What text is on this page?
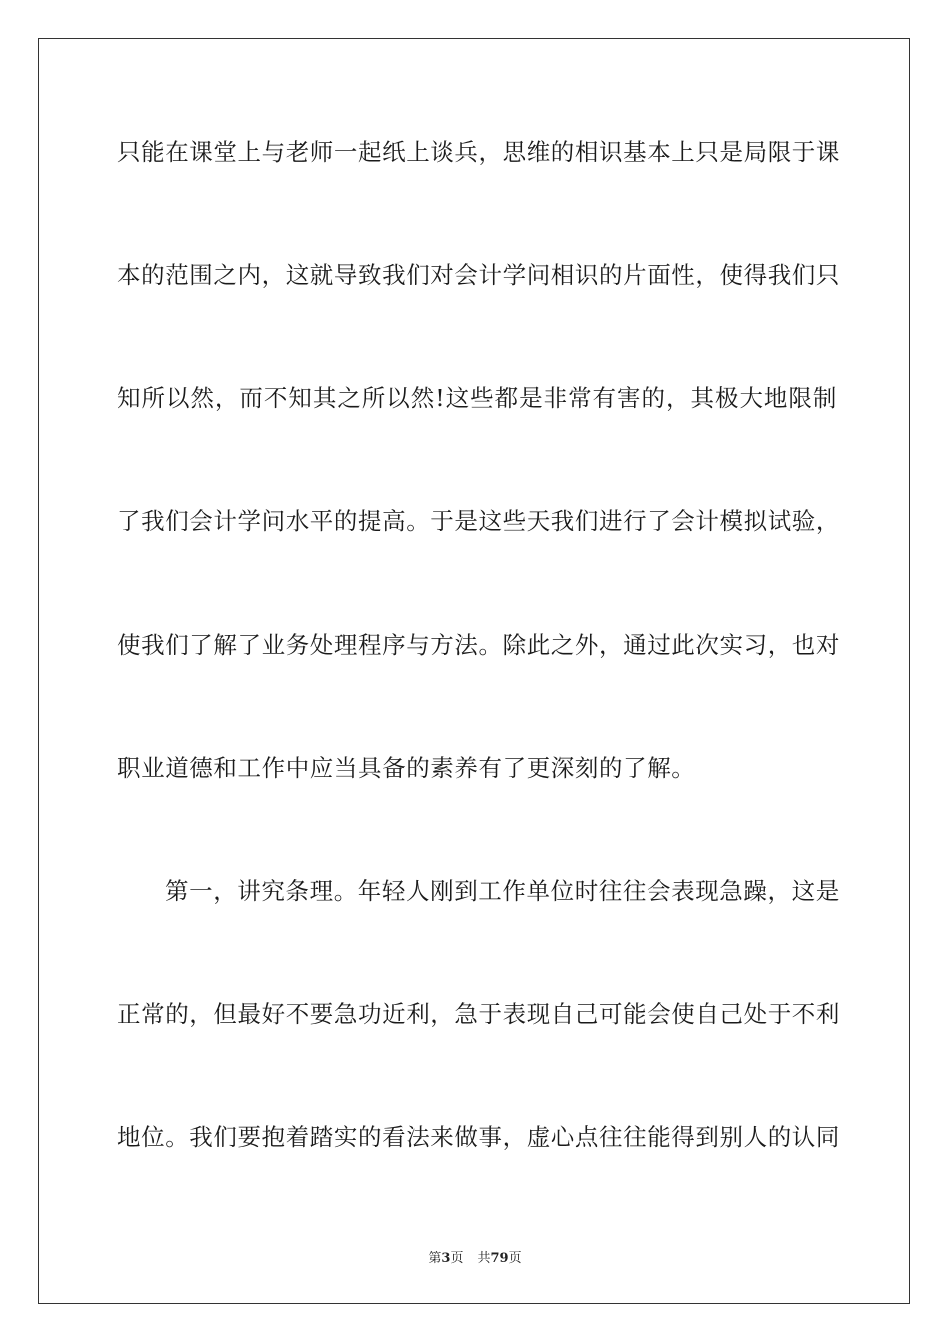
只能在课堂上与老师一起纸上谈兵，思维的相识基本上只是局限于课
本的范围之内，这就导致我们对会计学问相识的片面性，使得我们只
知所以然，而不知其之所以然!这些都是非常有害的，其极大地限制
了我们会计学问水平的提高。于是这些天我们进行了会计模拟试验，
使我们了解了业务处理程序与方法。除此之外，通过此次实习，也对
职业道德和工作中应当具备的素养有了更深刻的了解。
第一，讲究条理。年轻人刚到工作单位时往往会表现急躁，这是
正常的，但最好不要急功近利，急于表现自己可能会使自己处于不利
地位。我们要抱着踏实的看法来做事，虚心点往往能得到别人的认同
第3页 共79页
